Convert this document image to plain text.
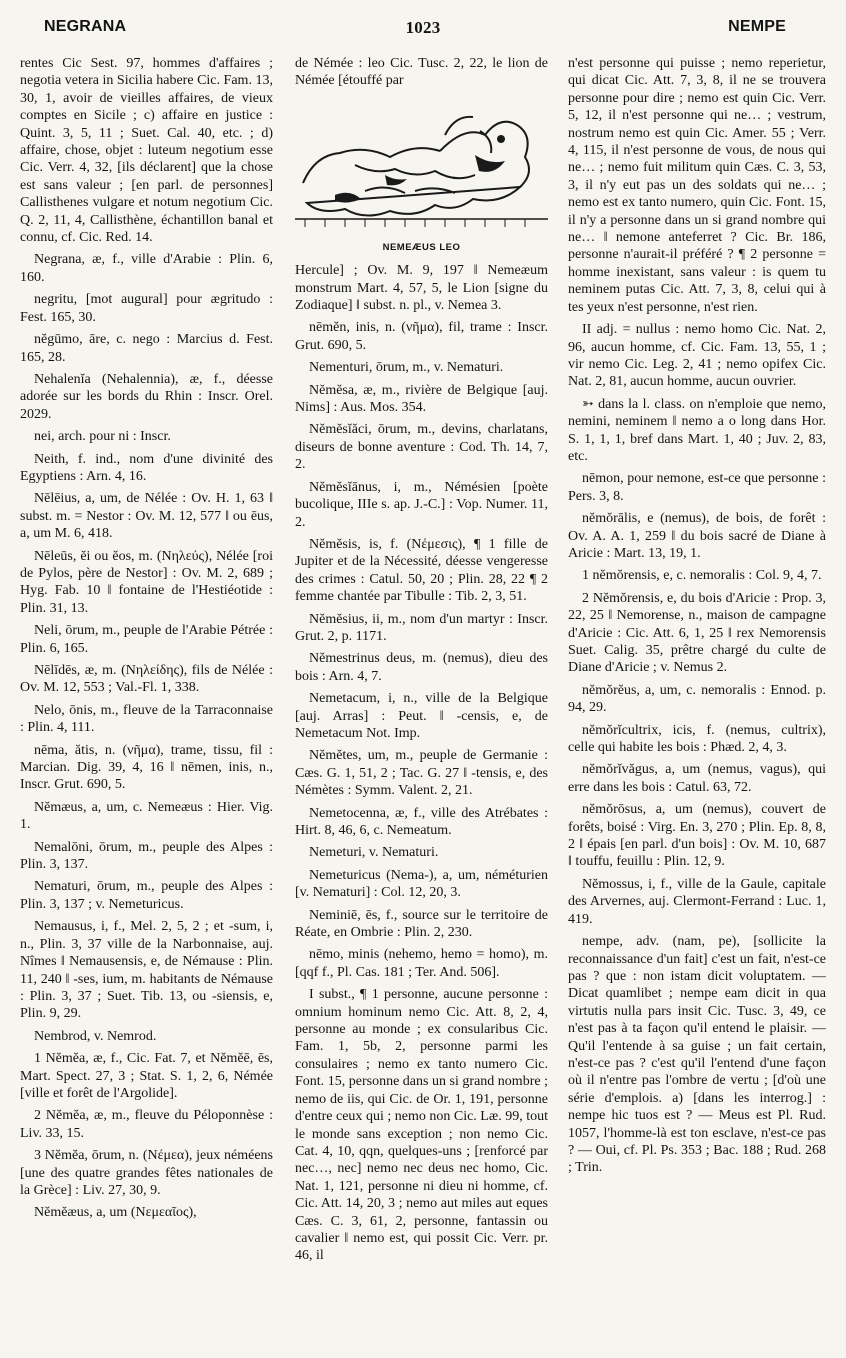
NEGRANA	1023	NEMPE

rentes Cic Sest. 97, hommes d'affaires ; negotia vetera in Sicilia habere Cic. Fam. 13, 30, 1, avoir de vieilles affaires, de vieux comptes en Sicile ; c) affaire en justice : Quint. 3, 5, 11 ; Suet. Cal. 40, etc. ; d) affaire, chose, objet : luteum negotium esse Cic. Verr. 4, 32, [ils déclarent] que la chose est sans valeur ; [en parl. de personnes] Callisthenes vulgare et notum negotium Cic. Q. 2, 11, 4, Callisthène, échantillon banal et connu, cf. Cic. Red. 14.

Negrana, æ, f., ville d'Arabie : Plin. 6, 160.

negritu, [mot augural] pour ægritudo : Fest. 165, 30.

nĕgūmo, āre, c. nego : Marcius d. Fest. 165, 28.

Nehalenĭa (Nehalennia), æ, f., déesse adorée sur les bords du Rhin : Inscr. Orel. 2029.

nei, arch. pour ni : Inscr.

Neith, f. ind., nom d'une divinité des Egyptiens : Arn. 4, 16.

Nēlēius, a, um, de Nélée : Ov. H. 1, 63 ‖ subst. m. = Nestor : Ov. M. 12, 577 ‖ ou ēus, a, um M. 6, 418.

Nēleūs, ĕi ou ĕos, m. (Νηλεύς), Nélée [roi de Pylos, père de Nestor] : Ov. M. 2, 689 ; Hyg. Fab. 10 ‖ fontaine de l'Hestiéotide : Plin. 31, 13.

Neli, ōrum, m., peuple de l'Arabie Pétrée : Plin. 6, 165.

Nēlīdēs, æ, m. (Νηλείδης), fils de Nélée : Ov. M. 12, 553 ; Val.-Fl. 1, 338.

Nelo, ōnis, m., fleuve de la Tarraconnaise : Plin. 4, 111.

nēma, ătis, n. (νῆμα), trame, tissu, fil : Marcian. Dig. 39, 4, 16 ‖ nēmen, inis, n., Inscr. Grut. 690, 5.

Nĕmæus, a, um, c. Nemeæus : Hier. Vig. 1.

Nemalōni, ōrum, m., peuple des Alpes : Plin. 3, 137.

Nematuri, ōrum, m., peuple des Alpes : Plin. 3, 137 ; v. Nemeturicus.

Nemausus, i, f., Mel. 2, 5, 2 ; et -sum, i, n., Plin. 3, 37 ville de la Narbonnaise, auj. Nîmes ‖ Nemausensis, e, de Némause : Plin. 11, 240 ‖ -ses, ium, m. habitants de Némause : Plin. 3, 37 ; Suet. Tib. 13, ou -siensis, e, Plin. 9, 29.

Nembrod, v. Nemrod.

1 Nĕmĕa, æ, f., Cic. Fat. 7, et Nĕmĕē, ēs, Mart. Spect. 27, 3 ; Stat. S. 1, 2, 6, Némée [ville et forêt de l'Argolide].

2 Nĕmĕa, æ, m., fleuve du Péloponnèse : Liv. 33, 15.

3 Nĕmĕa, ōrum, n. (Νέμεα), jeux néméens [une des quatre grandes fêtes nationales de la Grèce] : Liv. 27, 30, 9.

Nĕmĕæus, a, um (Νεμεαῖος),

de Némée : leo Cic. Tusc. 2, 22, le lion de Némée [étouffé par

NEMEÆUS LEO

Hercule] ; Ov. M. 9, 197 ‖ Nemeæum monstrum Mart. 4, 57, 5, le Lion [signe du Zodiaque] ‖ subst. n. pl., v. Nemea 3.

nēmĕn, inis, n. (νῆμα), fil, trame : Inscr. Grut. 690, 5.

Nementuri, ōrum, m., v. Nematuri.

Nĕmĕsa, æ, m., rivière de Belgique [auj. Nims] : Aus. Mos. 354.

Nĕmĕsĭăci, ōrum, m., devins, charlatans, diseurs de bonne aventure : Cod. Th. 14, 7, 2.

Nĕmĕsĭānus, i, m., Némésien [poète bucolique, IIIe s. ap. J.-C.] : Vop. Numer. 11, 2.

Nĕmĕsis, is, f. (Νέμεσις), ¶ 1 fille de Jupiter et de la Nécessité, déesse vengeresse des crimes : Catul. 50, 20 ; Plin. 28, 22 ¶ 2 femme chantée par Tibulle : Tib. 2, 3, 51.

Nĕmĕsius, ii, m., nom d'un martyr : Inscr. Grut. 2, p. 1171.

Nĕmestrinus deus, m. (nemus), dieu des bois : Arn. 4, 7.

Nemetacum, i, n., ville de la Belgique [auj. Arras] : Peut. ‖ -censis, e, de Nemetacum Not. Imp.

Nĕmĕtes, um, m., peuple de Germanie : Cæs. G. 1, 51, 2 ; Tac. G. 27 ‖ -tensis, e, des Némètes : Symm. Valent. 2, 21.

Nemetocenna, æ, f., ville des Atrébates : Hirt. 8, 46, 6, c. Nemeatum.

Nemeturi, v. Nematuri.

Nemeturicus (Nema-), a, um, néméturien [v. Nematuri] : Col. 12, 20, 3.

Neminiē, ēs, f., source sur le territoire de Réate, en Ombrie : Plin. 2, 230.

nēmo, minis (nehemo, hemo = homo), m. [qqf f., Pl. Cas. 181 ; Ter. And. 506].

I subst., ¶ 1 personne, aucune personne : omnium hominum nemo Cic. Att. 8, 2, 4, personne au monde ; ex consularibus Cic. Fam. 1, 5b, 2, personne parmi les consulaires ; nemo ex tanto numero Cic. Font. 15, personne dans un si grand nombre ; nemo de iis, qui Cic. de Or. 1, 191, personne d'entre ceux qui ; nemo non Cic. Læ. 99, tout le monde sans exception ; non nemo Cic. Cat. 4, 10, qqn, quelques-uns ; [renforcé par nec…, nec] nemo nec deus nec homo, Cic. Nat. 1, 121, personne ni dieu ni homme, cf. Cic. Att. 14, 20, 3 ; nemo aut miles aut eques Cæs. C. 3, 61, 2, personne, fantassin ou cavalier ‖ nemo est, qui possit Cic. Verr. pr. 46, il

n'est personne qui puisse ; nemo reperietur, qui dicat Cic. Att. 7, 3, 8, il ne se trouvera personne pour dire ; nemo est quin Cic. Verr. 5, 12, il n'est personne qui ne… ; vestrum, nostrum nemo est quin Cic. Amer. 55 ; Verr. 4, 115, il n'est personne de vous, de nous qui ne… ; nemo fuit militum quin Cæs. C. 3, 53, 3, il n'y eut pas un des soldats qui ne… ; nemo est ex tanto numero, quin Cic. Font. 15, il n'y a personne dans un si grand nombre qui ne… ‖ nemone anteferret ? Cic. Br. 186, personne n'aurait-il préféré ? ¶ 2 personne = homme inexistant, sans valeur : is quem tu neminem putas Cic. Att. 7, 3, 8, celui qui à tes yeux n'est personne, n'est rien.

II adj. = nullus : nemo homo Cic. Nat. 2, 96, aucun homme, cf. Cic. Fam. 13, 55, 1 ; vir nemo Cic. Leg. 2, 41 ; nemo opifex Cic. Nat. 2, 81, aucun homme, aucun ouvrier.

➳ dans la l. class. on n'emploie que nemo, nemini, neminem ‖ nemo a o long dans Hor. S. 1, 1, 1, bref dans Mart. 1, 40 ; Juv. 2, 83, etc.

nēmon, pour nemone, est-ce que personne : Pers. 3, 8.

nĕmŏrālis, e (nemus), de bois, de forêt : Ov. A. A. 1, 259 ‖ du bois sacré de Diane à Aricie : Mart. 13, 19, 1.

1 nĕmŏrensis, e, c. nemoralis : Col. 9, 4, 7.

2 Nĕmŏrensis, e, du bois d'Aricie : Prop. 3, 22, 25 ‖ Nemorense, n., maison de campagne d'Aricie : Cic. Att. 6, 1, 25 ‖ rex Nemorensis Suet. Calig. 35, prêtre chargé du culte de Diane d'Aricie ; v. Nemus 2.

nĕmŏrĕus, a, um, c. nemoralis : Ennod. p. 94, 29.

nĕmŏrĭcultrix, icis, f. (nemus, cultrix), celle qui habite les bois : Phæd. 2, 4, 3.

nĕmŏrĭvăgus, a, um (nemus, vagus), qui erre dans les bois : Catul. 63, 72.

nĕmŏrōsus, a, um (nemus), couvert de forêts, boisé : Virg. En. 3, 270 ; Plin. Ep. 8, 8, 2 ‖ épais [en parl. d'un bois] : Ov. M. 10, 687 ‖ touffu, feuillu : Plin. 12, 9.

Nĕmossus, i, f., ville de la Gaule, capitale des Arvernes, auj. Clermont-Ferrand : Luc. 1, 419.

nempe, adv. (nam, pe), [sollicite la reconnaissance d'un fait] c'est un fait, n'est-ce pas ? que : non istam dicit voluptatem. — Dicat quamlibet ; nempe eam dicit in qua virtutis nulla pars insit Cic. Tusc. 3, 49, ce n'est pas à ta façon qu'il entend le plaisir. — Qu'il l'entende à sa guise ; un fait certain, n'est-ce pas ? c'est qu'il l'entend d'une façon où il n'entre pas l'ombre de vertu ; [d'où une série d'emplois. a) [dans les interrog.] : nempe hic tuos est ? — Meus est Pl. Rud. 1057, l'homme-là est ton esclave, n'est-ce pas ? — Oui, cf. Pl. Ps. 353 ; Bac. 188 ; Rud. 268 ; Trin.
